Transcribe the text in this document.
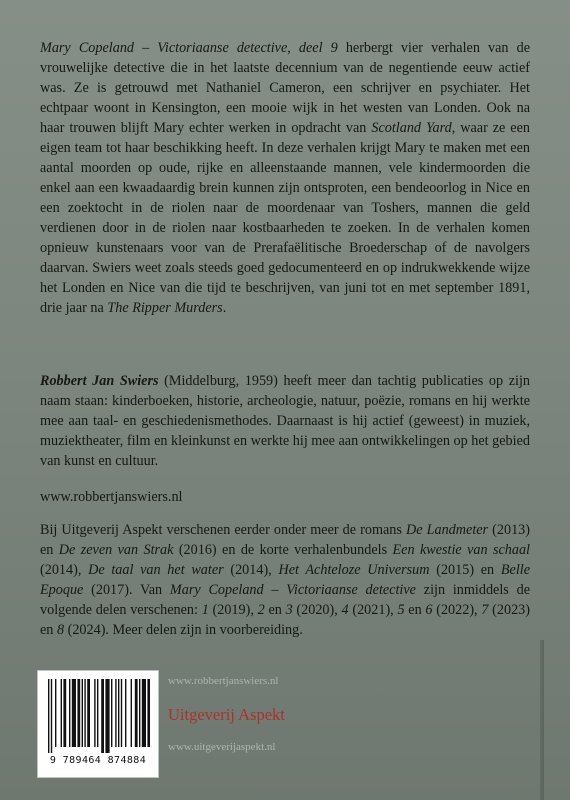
Mary Copeland – Victoriaanse detective, deel 9 herbergt vier verhalen van de vrouwelijke detective die in het laatste decennium van de negentiende eeuw actief was. Ze is getrouwd met Nathaniel Cameron, een schrijver en psychiater. Het echtpaar woont in Kensington, een mooie wijk in het westen van Londen. Ook na haar trouwen blijft Mary echter werken in opdracht van Scotland Yard, waar ze een eigen team tot haar beschikking heeft. In deze verhalen krijgt Mary te maken met een aantal moorden op oude, rijke en alleenstaande mannen, vele kindermoorden die enkel aan een kwaadaardig brein kunnen zijn ontsproten, een bendeoorlog in Nice en een zoektocht in de riolen naar de moordenaar van Toshers, mannen die geld verdienen door in de riolen naar kostbaarheden te zoeken. In de verhalen komen opnieuw kunstenaars voor van de Prerafaëlitische Broederschap of de navolgers daarvan. Swiers weet zoals steeds goed gedocumenteerd en op indrukwekkende wijze het Londen en Nice van die tijd te beschrijven, van juni tot en met september 1891, drie jaar na The Ripper Murders.

Robbert Jan Swiers (Middelburg, 1959) heeft meer dan tachtig publicaties op zijn naam staan: kinderboeken, historie, archeologie, natuur, poëzie, romans en hij werkte mee aan taal- en geschiedenismethodes. Daarnaast is hij actief (geweest) in muziek, muziektheater, film en kleinkunst en werkte hij mee aan ontwikkelingen op het gebied van kunst en cultuur.

www.robbertjanswiers.nl

Bij Uitgeverij Aspekt verschenen eerder onder meer de romans De Landmeter (2013) en De zeven van Strak (2016) en de korte verhalenbundels Een kwestie van schaal (2014), De taal van het water (2014), Het Achteloze Universum (2015) en Belle Epoque (2017). Van Mary Copeland – Victoriaanse detective zijn inmiddels de volgende delen verschenen: 1 (2019), 2 en 3 (2020), 4 (2021), 5 en 6 (2022), 7 (2023) en 8 (2024). Meer delen zijn in voorbereiding.

9 789464 874884
www.robbertjanswiers.nl
Uitgeverij Aspekt
www.uitgeverijaspekt.nl
